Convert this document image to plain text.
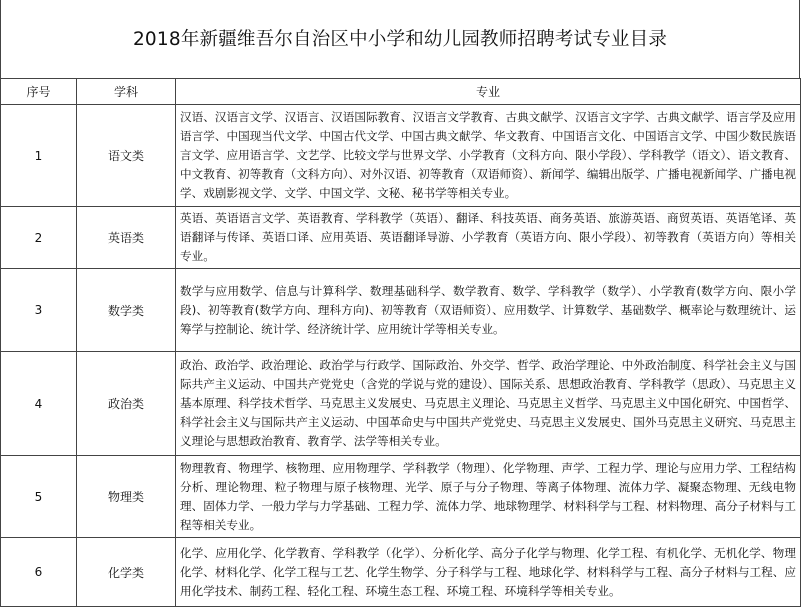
2018年新疆维吾尔自治区中小学和幼儿园教师招聘考试专业目录
序号	学科	专业
1	语文类	汉语、汉语言文学、汉语言、汉语国际教育、汉语言文学教育、古典文献学、汉语言文字学、古典文献学、语言学及应用语言学、中国现当代文学、中国古代文学、中国古典文献学、华文教育、中国语言文化、中国语言文学、中国少数民族语言文学、应用语言学、文艺学、比较文学与世界文学、小学教育（文科方向、限小学段）、学科教学（语文）、语文教育、中文教育、初等教育（文科方向）、对外汉语、初等教育（双语师资）、新闻学、编辑出版学、广播电视新闻学、广播电视学、戏剧影视文学、文学、中国文学、文秘、秘书学等相关专业。
2	英语类	英语、英语语言文学、英语教育、学科教学（英语）、翻译、科技英语、商务英语、旅游英语、商贸英语、英语笔译、英语翻译与传译、英语口译、应用英语、英语翻译导游、小学教育（英语方向、限小学段）、初等教育（英语方向）等相关专业。
3	数学类	数学与应用数学、信息与计算科学、数理基础科学、数学教育、数学、学科教学（数学）、小学教育(数学方向、限小学段)、初等教育(数学方向、理科方向)、初等教育（双语师资）、应用数学、计算数学、基础数学、概率论与数理统计、运筹学与控制论、统计学、经济统计学、应用统计学等相关专业。
4	政治类	政治、政治学、政治理论、政治学与行政学、国际政治、外交学、哲学、政治学理论、中外政治制度、科学社会主义与国际共产主义运动、中国共产党党史（含党的学说与党的建设）、国际关系、思想政治教育、学科教学（思政）、马克思主义基本原理、科学技术哲学、马克思主义发展史、马克思主义理论、马克思主义哲学、马克思主义中国化研究、中国哲学、科学社会主义与国际共产主义运动、中国革命史与中国共产党党史、马克思主义发展史、国外马克思主义研究、马克思主义理论与思想政治教育、教育学、法学等相关专业。
5	物理类	物理教育、物理学、核物理、应用物理学、学科教学（物理）、化学物理、声学、工程力学、理论与应用力学、工程结构分析、理论物理、粒子物理与原子核物理、光学、原子与分子物理、等离子体物理、流体力学、凝聚态物理、无线电物理、固体力学、一般力学与力学基础、工程力学、流体力学、地球物理学、材料科学与工程、材料物理、高分子材料与工程等相关专业。
6	化学类	化学、应用化学、化学教育、学科教学（化学）、分析化学、高分子化学与物理、化学工程、有机化学、无机化学、物理化学、材料化学、化学工程与工艺、化学生物学、分子科学与工程、地球化学、材料科学与工程、高分子材料与工程、应用化学技术、制药工程、轻化工程、环境生态工程、环境工程、环境科学等相关专业。
